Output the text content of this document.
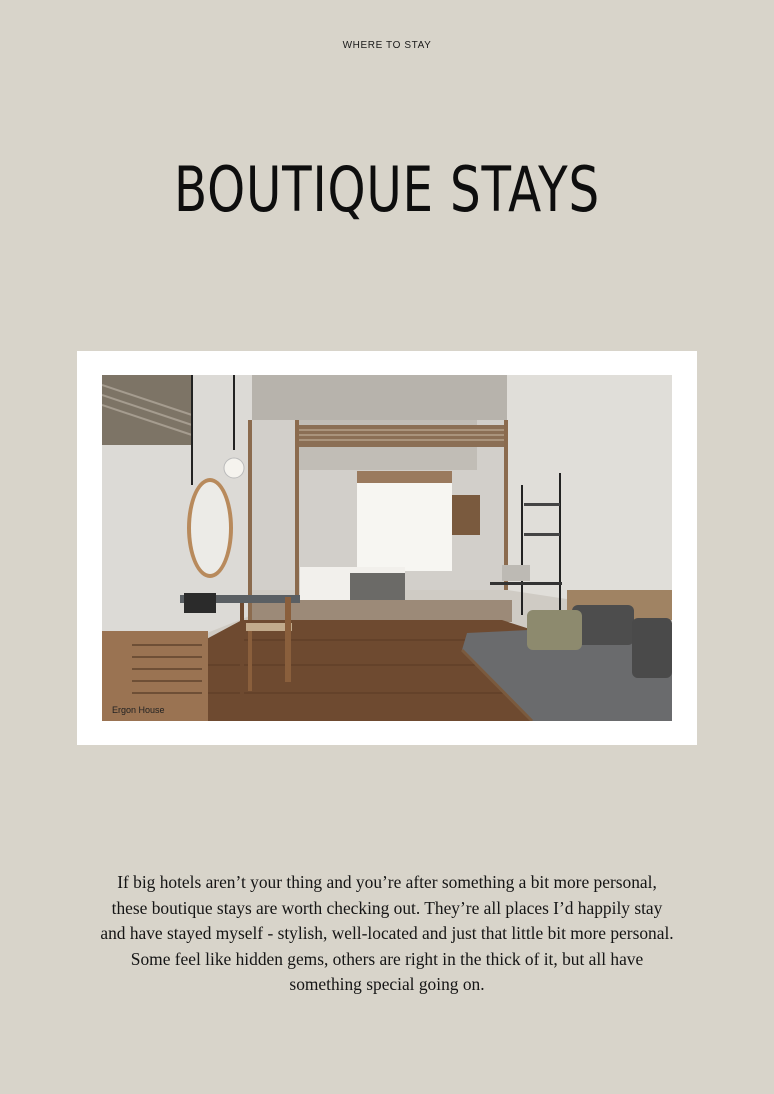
WHERE TO STAY
BOUTIQUE STAYS
Ergon House

If big hotels aren’t your thing and you’re after something a bit more personal, these boutique stays are worth checking out. They’re all places I’d happily stay and have stayed myself - stylish, well-located and just that little bit more personal. Some feel like hidden gems, others are right in the thick of it, but all have something special going on.
